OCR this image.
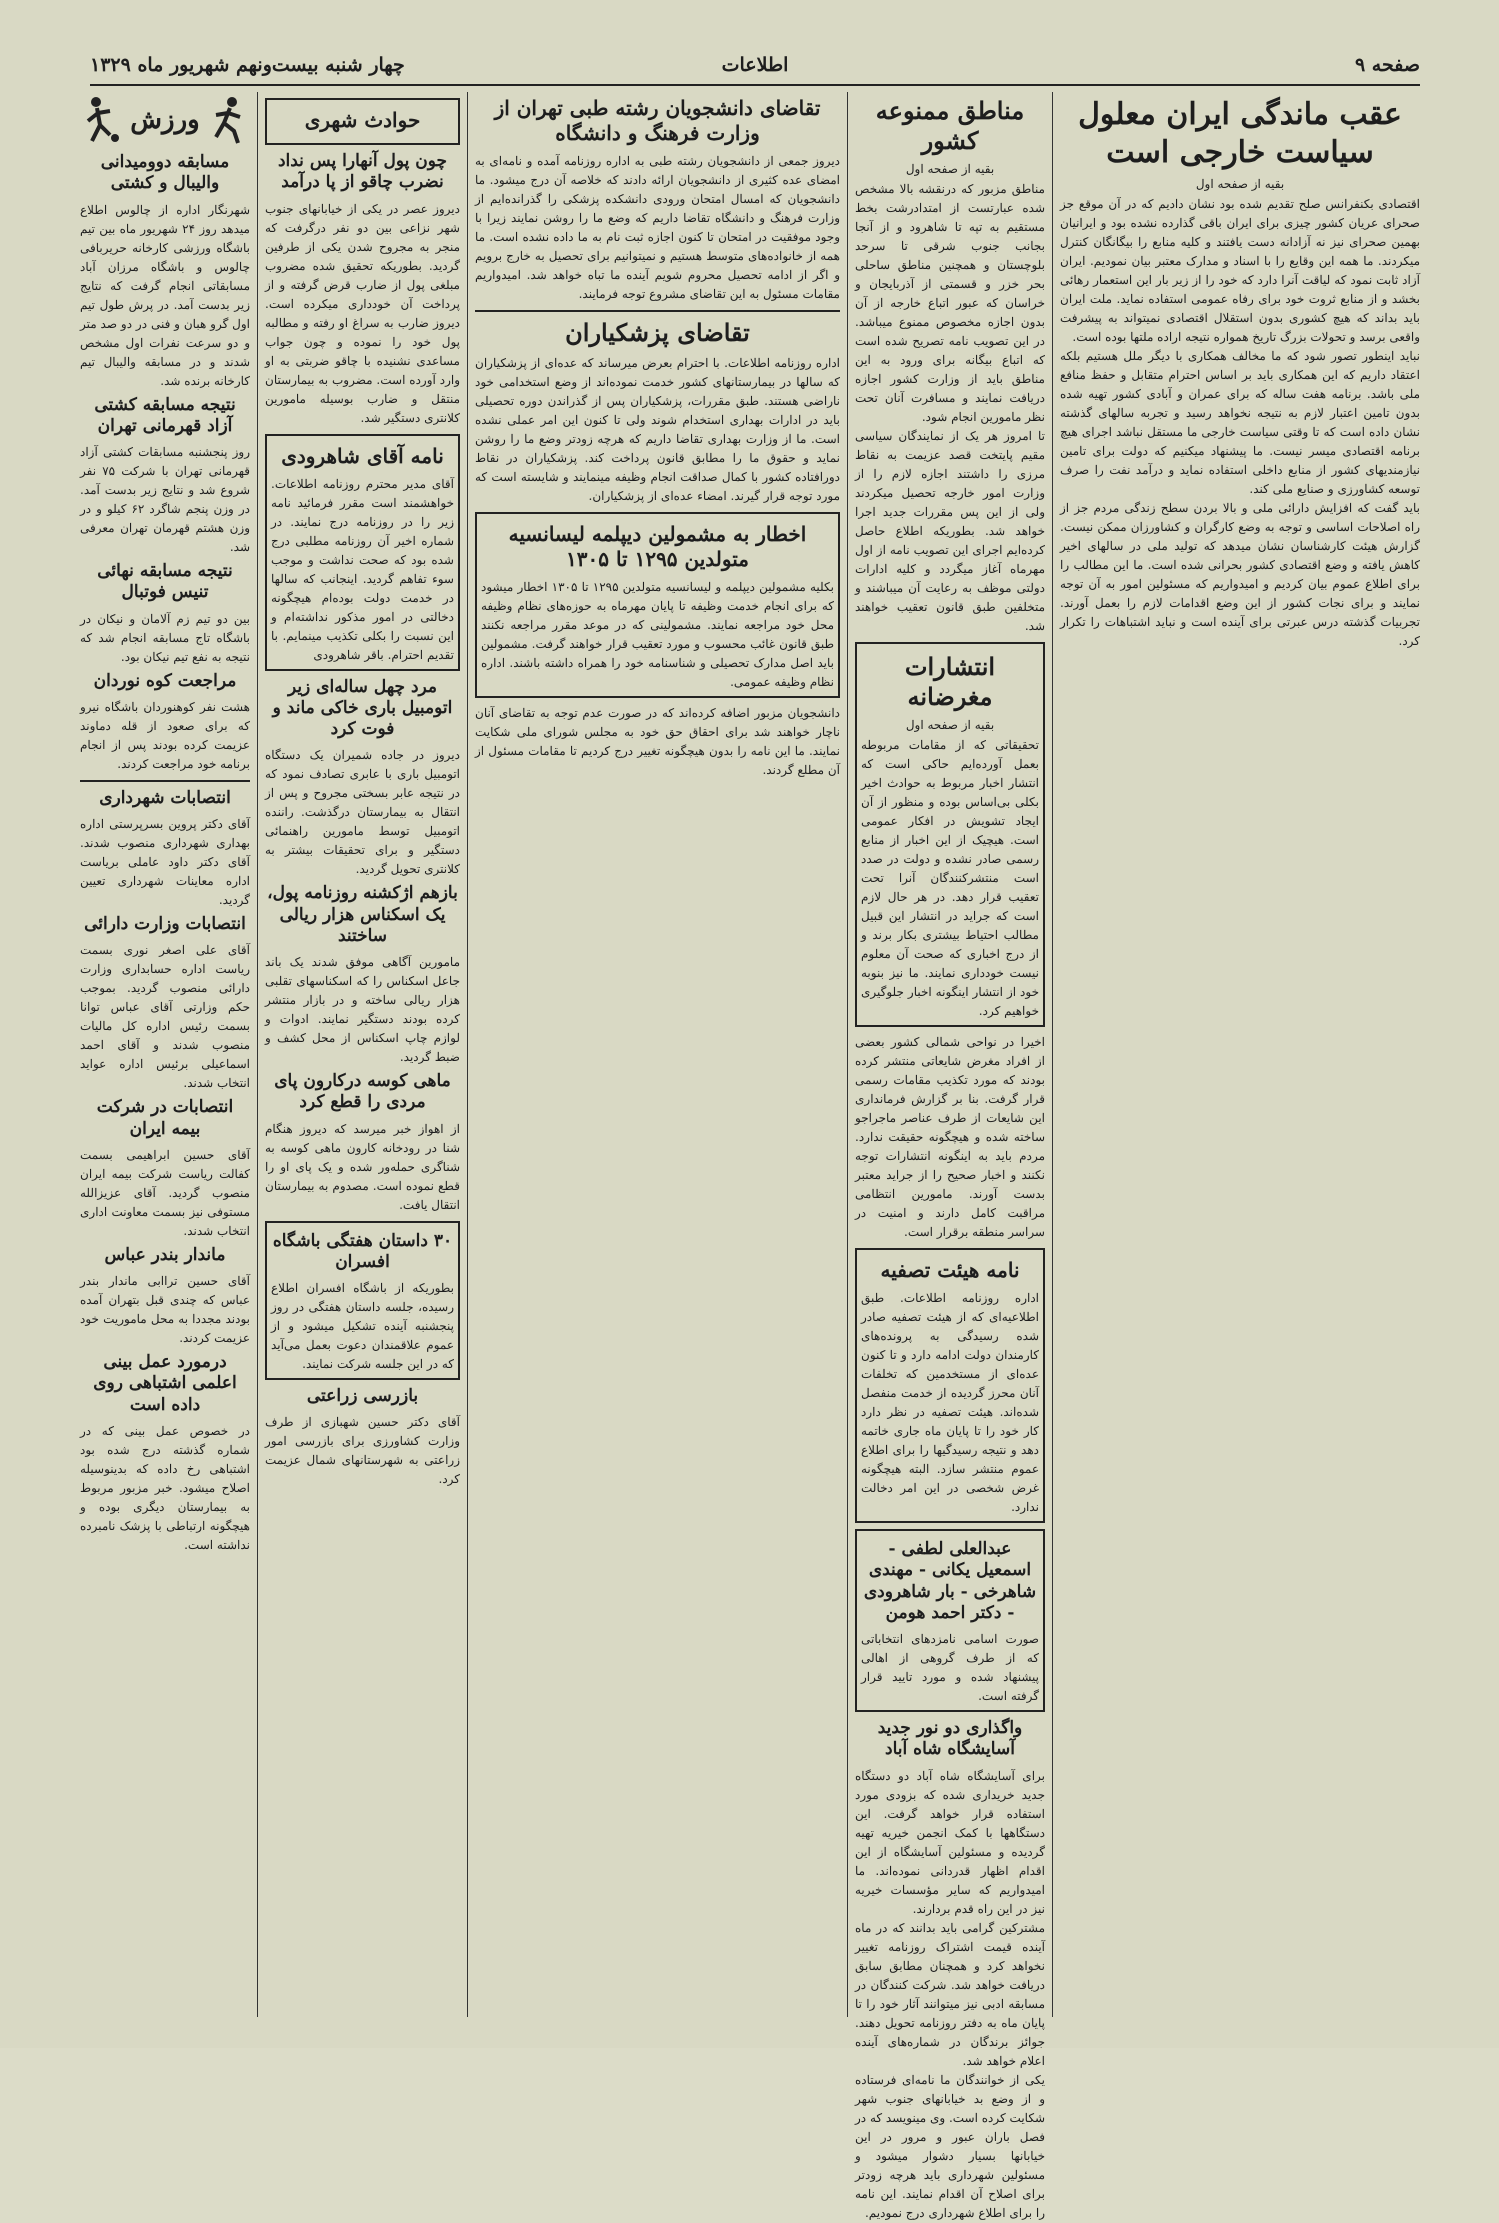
صفحه ۹
اطلاعات
چهار شنبه بیست‌ونهم شهریور ماه ۱۳۲۹
عقب ماندگی ایران معلول سیاست خارجی است
بقیه از صفحه اول
اقتصادی بکنفرانس صلح تقدیم شده بود نشان دادیم که در آن موقع جز صحرای عریان کشور چیزی برای ایران باقی گذارده نشده بود و ایرانیان بهمین صحرای نیز نه آزادانه دست یافتند و کلیه منابع را بیگانگان کنترل میکردند. ما همه این وقایع را با اسناد و مدارک معتبر بیان نمودیم. ایران آزاد ثابت نمود که لیاقت آنرا دارد که خود را از زیر بار این استعمار رهائی بخشد و از منابع ثروت خود برای رفاه عمومی استفاده نماید. ملت ایران باید بداند که هیچ کشوری بدون استقلال اقتصادی نمیتواند به پیشرفت واقعی برسد و تحولات بزرگ تاریخ همواره نتیجه اراده ملتها بوده است.
نباید اینطور تصور شود که ما مخالف همکاری با دیگر ملل هستیم بلکه اعتقاد داریم که این همکاری باید بر اساس احترام متقابل و حفظ منافع ملی باشد. برنامه هفت ساله که برای عمران و آبادی کشور تهیه شده بدون تامین اعتبار لازم به نتیجه نخواهد رسید و تجربه سالهای گذشته نشان داده است که تا وقتی سیاست خارجی ما مستقل نباشد اجرای هیچ برنامه اقتصادی میسر نیست. ما پیشنهاد میکنیم که دولت برای تامین نیازمندیهای کشور از منابع داخلی استفاده نماید و درآمد نفت را صرف توسعه کشاورزی و صنایع ملی کند.
باید گفت که افزایش دارائی ملی و بالا بردن سطح زندگی مردم جز از راه اصلاحات اساسی و توجه به وضع کارگران و کشاورزان ممکن نیست. گزارش هیئت کارشناسان نشان میدهد که تولید ملی در سالهای اخیر کاهش یافته و وضع اقتصادی کشور بحرانی شده است. ما این مطالب را برای اطلاع عموم بیان کردیم و امیدواریم که مسئولین امور به آن توجه نمایند و برای نجات کشور از این وضع اقدامات لازم را بعمل آورند. تجربیات گذشته درس عبرتی برای آینده است و نباید اشتباهات را تکرار کرد.
مناطق ممنوعه کشور
بقیه از صفحه اول
مناطق مزبور که درنقشه بالا مشخص شده عبارتست از امتدادرشت بخط مستقیم به تپه تا شاهرود و از آنجا بجانب جنوب شرقی تا سرحد بلوچستان و همچنین مناطق ساحلی بحر خزر و قسمتی از آذربایجان و خراسان که عبور اتباع خارجه از آن بدون اجازه مخصوص ممنوع میباشد. در این تصویب نامه تصریح شده است که اتباع بیگانه برای ورود به این مناطق باید از وزارت کشور اجازه دریافت نمایند و مسافرت آنان تحت نظر مامورین انجام شود.
تا امروز هر یک از نمایندگان سیاسی مقیم پایتخت قصد عزیمت به نقاط مرزی را داشتند اجازه لازم را از وزارت امور خارجه تحصیل میکردند ولی از این پس مقررات جدید اجرا خواهد شد. بطوریکه اطلاع حاصل کرده‌ایم اجرای این تصویب نامه از اول مهرماه آغاز میگردد و کلیه ادارات دولتی موظف به رعایت آن میباشند و متخلفین طبق قانون تعقیب خواهند شد.
انتشارات مغرضانه
بقیه از صفحه اول
تحقیقاتی که از مقامات مربوطه بعمل آورده‌ایم حاکی است که انتشار اخبار مربوط به حوادث اخیر بکلی بی‌اساس بوده و منظور از آن ایجاد تشویش در افکار عمومی است. هیچیک از این اخبار از منابع رسمی صادر نشده و دولت در صدد است منتشرکنندگان آنرا تحت تعقیب قرار دهد. در هر حال لازم است که جراید در انتشار این قبیل مطالب احتیاط بیشتری بکار برند و از درج اخباری که صحت آن معلوم نیست خودداری نمایند. ما نیز بنوبه خود از انتشار اینگونه اخبار جلوگیری خواهیم کرد.
اخیرا در نواحی شمالی کشور بعضی از افراد مغرض شایعاتی منتشر کرده بودند که مورد تکذیب مقامات رسمی قرار گرفت. بنا بر گزارش فرمانداری این شایعات از طرف عناصر ماجراجو ساخته شده و هیچگونه حقیقت ندارد. مردم باید به اینگونه انتشارات توجه نکنند و اخبار صحیح را از جراید معتبر بدست آورند. مامورین انتظامی مراقبت کامل دارند و امنیت در سراسر منطقه برقرار است.
نامه هیئت تصفیه
اداره روزنامه اطلاعات. طبق اطلاعیه‌ای که از هیئت تصفیه صادر شده رسیدگی به پرونده‌های کارمندان دولت ادامه دارد و تا کنون عده‌ای از مستخدمین که تخلفات آنان محرز گردیده از خدمت منفصل شده‌اند. هیئت تصفیه در نظر دارد کار خود را تا پایان ماه جاری خاتمه دهد و نتیجه رسیدگیها را برای اطلاع عموم منتشر سازد. البته هیچگونه غرض شخصی در این امر دخالت ندارد.
عبدالعلی لطفی - اسمعیل یکانی - مهندی شاهرخی - بار شاهرودی - دکتر احمد هومن
صورت اسامی نامزدهای انتخاباتی که از طرف گروهی از اهالی پیشنهاد شده و مورد تایید قرار گرفته است.
واگذاری دو نور جدید آسایشگاه شاه آباد
برای آسایشگاه شاه آباد دو دستگاه جدید خریداری شده که بزودی مورد استفاده قرار خواهد گرفت. این دستگاهها با کمک انجمن خیریه تهیه گردیده و مسئولین آسایشگاه از این اقدام اظهار قدردانی نموده‌اند. ما امیدواریم که سایر مؤسسات خیریه نیز در این راه قدم بردارند.
مشترکین گرامی باید بدانند که در ماه آینده قیمت اشتراک روزنامه تغییر نخواهد کرد و همچنان مطابق سابق دریافت خواهد شد. شرکت کنندگان در مسابقه ادبی نیز میتوانند آثار خود را تا پایان ماه به دفتر روزنامه تحویل دهند. جوائز برندگان در شماره‌های آینده اعلام خواهد شد.
یکی از خوانندگان ما نامه‌ای فرستاده و از وضع بد خیابانهای جنوب شهر شکایت کرده است. وی مینویسد که در فصل باران عبور و مرور در این خیابانها بسیار دشوار میشود و مسئولین شهرداری باید هرچه زودتر برای اصلاح آن اقدام نمایند. این نامه را برای اطلاع شهرداری درج نمودیم.
تقاضای دانشجویان رشته طبی تهران از وزارت فرهنگ و دانشگاه
دیروز جمعی از دانشجویان رشته طبی به اداره روزنامه آمده و نامه‌ای به امضای عده کثیری از دانشجویان ارائه دادند که خلاصه آن درج میشود. ما دانشجویان که امسال امتحان ورودی دانشکده پزشکی را گذرانده‌ایم از وزارت فرهنگ و دانشگاه تقاضا داریم که وضع ما را روشن نمایند زیرا با وجود موفقیت در امتحان تا کنون اجازه ثبت نام به ما داده نشده است. ما همه از خانواده‌های متوسط هستیم و نمیتوانیم برای تحصیل به خارج برویم و اگر از ادامه تحصیل محروم شویم آینده ما تباه خواهد شد. امیدواریم مقامات مسئول به این تقاضای مشروع توجه فرمایند.
تقاضای پزشکیاران
اداره روزنامه اطلاعات. با احترام بعرض میرساند که عده‌ای از پزشکیاران که سالها در بیمارستانهای کشور خدمت نموده‌اند از وضع استخدامی خود ناراضی هستند. طبق مقررات، پزشکیاران پس از گذراندن دوره تحصیلی باید در ادارات بهداری استخدام شوند ولی تا کنون این امر عملی نشده است. ما از وزارت بهداری تقاضا داریم که هرچه زودتر وضع ما را روشن نماید و حقوق ما را مطابق قانون پرداخت کند. پزشکیاران در نقاط دورافتاده کشور با کمال صداقت انجام وظیفه مینمایند و شایسته است که مورد توجه قرار گیرند. امضاء عده‌ای از پزشکیاران.
اخطار به مشمولین دیپلمه لیسانسیه متولدین ۱۲۹۵ تا ۱۳۰۵
بکلیه مشمولین دیپلمه و لیسانسیه متولدین ۱۲۹۵ تا ۱۳۰۵ اخطار میشود که برای انجام خدمت وظیفه تا پایان مهرماه به حوزه‌های نظام وظیفه محل خود مراجعه نمایند. مشمولینی که در موعد مقرر مراجعه نکنند طبق قانون غائب محسوب و مورد تعقیب قرار خواهند گرفت. مشمولین باید اصل مدارک تحصیلی و شناسنامه خود را همراه داشته باشند. اداره نظام وظیفه عمومی.
دانشجویان مزبور اضافه کرده‌اند که در صورت عدم توجه به تقاضای آنان ناچار خواهند شد برای احقاق حق خود به مجلس شورای ملی شکایت نمایند. ما این نامه را بدون هیچگونه تغییر درج کردیم تا مقامات مسئول از آن مطلع گردند.
حوادث شهری
چون پول آنهارا پس نداد نضرب چاقو از پا درآمد
دیروز عصر در یکی از خیابانهای جنوب شهر نزاعی بین دو نفر درگرفت که منجر به مجروح شدن یکی از طرفین گردید. بطوریکه تحقیق شده مضروب مبلغی پول از ضارب قرض گرفته و از پرداخت آن خودداری میکرده است. دیروز ضارب به سراغ او رفته و مطالبه پول خود را نموده و چون جواب مساعدی نشنیده با چاقو ضربتی به او وارد آورده است. مضروب به بیمارستان منتقل و ضارب بوسیله مامورین کلانتری دستگیر شد.
نامه آقای شاهرودی
آقای مدیر محترم روزنامه اطلاعات. خواهشمند است مقرر فرمائید نامه زیر را در روزنامه درج نمایند. در شماره اخیر آن روزنامه مطلبی درج شده بود که صحت نداشت و موجب سوء تفاهم گردید. اینجانب که سالها در خدمت دولت بوده‌ام هیچگونه دخالتی در امور مذکور نداشته‌ام و این نسبت را بکلی تکذیب مینمایم. با تقدیم احترام. باقر شاهرودی
مرد چهل ساله‌ای زیر اتومبیل باری خاکی ماند و فوت کرد
دیروز در جاده شمیران یک دستگاه اتومبیل باری با عابری تصادف نمود که در نتیجه عابر بسختی مجروح و پس از انتقال به بیمارستان درگذشت. راننده اتومبیل توسط مامورین راهنمائی دستگیر و برای تحقیقات بیشتر به کلانتری تحویل گردید.
بازهم اژکشنه روزنامه پول، یک اسکناس هزار ریالی ساختند
مامورین آگاهی موفق شدند یک باند جاعل اسکناس را که اسکناسهای تقلبی هزار ریالی ساخته و در بازار منتشر کرده بودند دستگیر نمایند. ادوات و لوازم چاپ اسکناس از محل کشف و ضبط گردید.
ماهی کوسه درکارون پای مردی را قطع کرد
از اهواز خبر میرسد که دیروز هنگام شنا در رودخانه کارون ماهی کوسه به شناگری حمله‌ور شده و یک پای او را قطع نموده است. مصدوم به بیمارستان انتقال یافت.
۳۰ داستان هفتگی باشگاه افسران
بطوریکه از باشگاه افسران اطلاع رسیده، جلسه داستان هفتگی در روز پنجشنبه آینده تشکیل میشود و از عموم علاقمندان دعوت بعمل می‌آید که در این جلسه شرکت نمایند.
بازرسی زراعتی
آقای دکتر حسین شهبازی از طرف وزارت کشاورزی برای بازرسی امور زراعتی به شهرستانهای شمال عزیمت کرد.
ورزش
مسابقه دوومیدانی والیبال و کشتی
شهرنگار اداره از چالوس اطلاع میدهد روز ۲۴ شهریور ماه بین تیم باشگاه ورزشی کارخانه حریربافی چالوس و باشگاه مرزان آباد مسابقاتی انجام گرفت که نتایج زیر بدست آمد. در پرش طول تیم اول گرو هبان و فنی در دو صد متر و دو سرعت نفرات اول مشخص شدند و در مسابقه والیبال تیم کارخانه برنده شد.
نتیجه مسابقه کشتی آزاد قهرمانی تهران
روز پنجشنبه مسابقات کشتی آزاد قهرمانی تهران با شرکت ۷۵ نفر شروع شد و نتایج زیر بدست آمد. در وزن پنجم شاگرد ۶۲ کیلو و در وزن هشتم قهرمان تهران معرفی شد.
نتیجه مسابقه نهائی تنیس فوتبال
بین دو تیم زم آلامان و نیکان در باشگاه تاج مسابقه انجام شد که نتیجه به نفع تیم نیکان بود.
مراجعت کوه نوردان
هشت نفر کوهنوردان باشگاه نیرو که برای صعود از قله دماوند عزیمت کرده بودند پس از انجام برنامه خود مراجعت کردند.
انتصابات شهرداری
آقای دکتر پروین بسرپرستی اداره بهداری شهرداری منصوب شدند. آقای دکتر داود عاملی بریاست اداره معاینات شهرداری تعیین گردید.
انتصابات وزارت دارائی
آقای علی اصغر نوری بسمت ریاست اداره حسابداری وزارت دارائی منصوب گردید. بموجب حکم وزارتی آقای عباس توانا بسمت رئیس اداره کل مالیات منصوب شدند و آقای احمد اسماعیلی برئیس اداره عواید انتخاب شدند.
انتصابات در شرکت بیمه ایران
آقای حسین ابراهیمی بسمت کفالت ریاست شرکت بیمه ایران منصوب گردید. آقای عزیزالله مستوفی نیز بسمت معاونت اداری انتخاب شدند.
ماندار بندر عباس
آقای حسین تراابی ماندار بندر عباس که چندی قبل بتهران آمده بودند مجددا به محل ماموریت خود عزیمت کردند.
درمورد عمل بینی اعلمی اشتباهی روی داده است
در خصوص عمل بینی که در شماره گذشته درج شده بود اشتباهی رخ داده که بدینوسیله اصلاح میشود. خبر مزبور مربوط به بیمارستان دیگری بوده و هیچگونه ارتباطی با پزشک نامبرده نداشته است.
